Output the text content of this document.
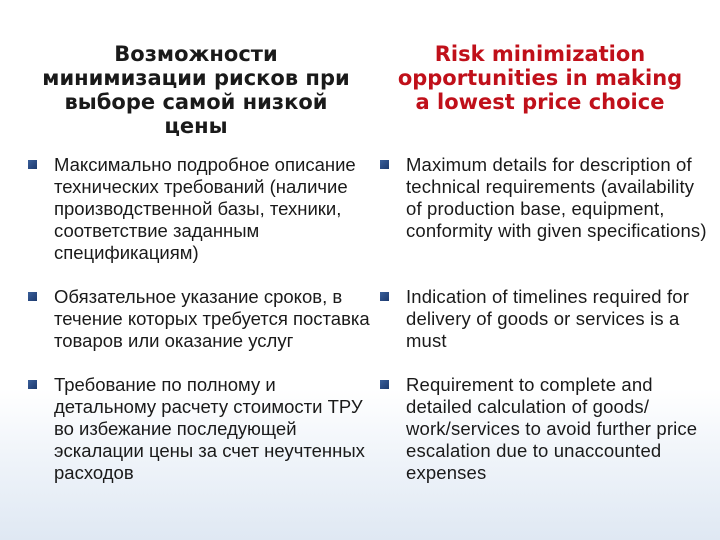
Возможности минимизации рисков при выборе самой низкой цены
Risk minimization opportunities in making a lowest price choice
Максимально подробное описание технических требований (наличие производственной базы, техники, соответствие заданным спецификациям)
Обязательное указание сроков, в течение которых требуется поставка товаров или оказание услуг
Требование по полному и детальному расчету стоимости ТРУ во избежание последующей эскалации цены за счет неучтенных расходов
Maximum details for description of technical requirements (availability of production base, equipment, conformity with given specifications)
Indication of timelines required for delivery of goods or services is a must
Requirement to complete and detailed calculation of goods/ work/services to avoid further price escalation due to unaccounted expenses
